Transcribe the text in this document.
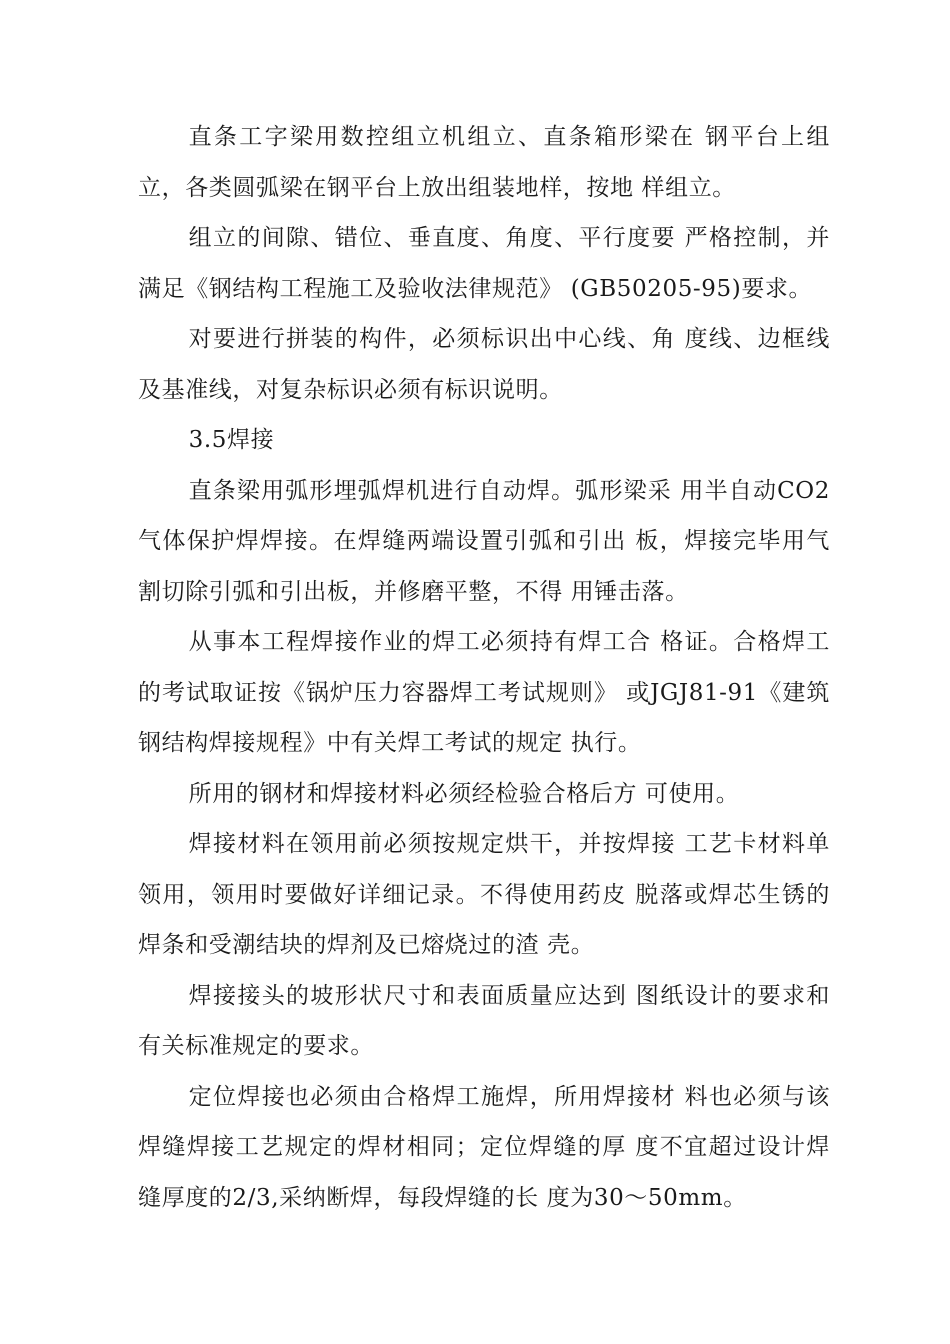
直条工字梁用数控组立机组立、直条箱形梁在 钢平台上组立，各类圆弧梁在钢平台上放出组装地样，按地 样组立。

组立的间隙、错位、垂直度、角度、平行度要 严格控制，并满足《钢结构工程施工及验收法律规范》 (GB50205-95)要求。

对要进行拼装的构件，必须标识出中心线、角 度线、边框线及基准线，对复杂标识必须有标识说明。

3.5焊接

直条梁用弧形埋弧焊机进行自动焊。弧形梁采 用半自动CO2气体保护焊焊接。在焊缝两端设置引弧和引出 板，焊接完毕用气割切除引弧和引出板，并修磨平整，不得 用锤击落。

从事本工程焊接作业的焊工必须持有焊工合 格证。合格焊工的考试取证按《锅炉压力容器焊工考试规则》 或JGJ81-91《建筑钢结构焊接规程》中有关焊工考试的规定 执行。

所用的钢材和焊接材料必须经检验合格后方 可使用。

焊接材料在领用前必须按规定烘干，并按焊接 工艺卡材料单领用，领用时要做好详细记录。不得使用药皮 脱落或焊芯生锈的焊条和受潮结块的焊剂及已熔烧过的渣 壳。

焊接接头的坡形状尺寸和表面质量应达到 图纸设计的要求和有关标准规定的要求。

定位焊接也必须由合格焊工施焊，所用焊接材 料也必须与该焊缝焊接工艺规定的焊材相同；定位焊缝的厚 度不宜超过设计焊缝厚度的2/3,采纳断焊，每段焊缝的长 度为30〜50mm。
